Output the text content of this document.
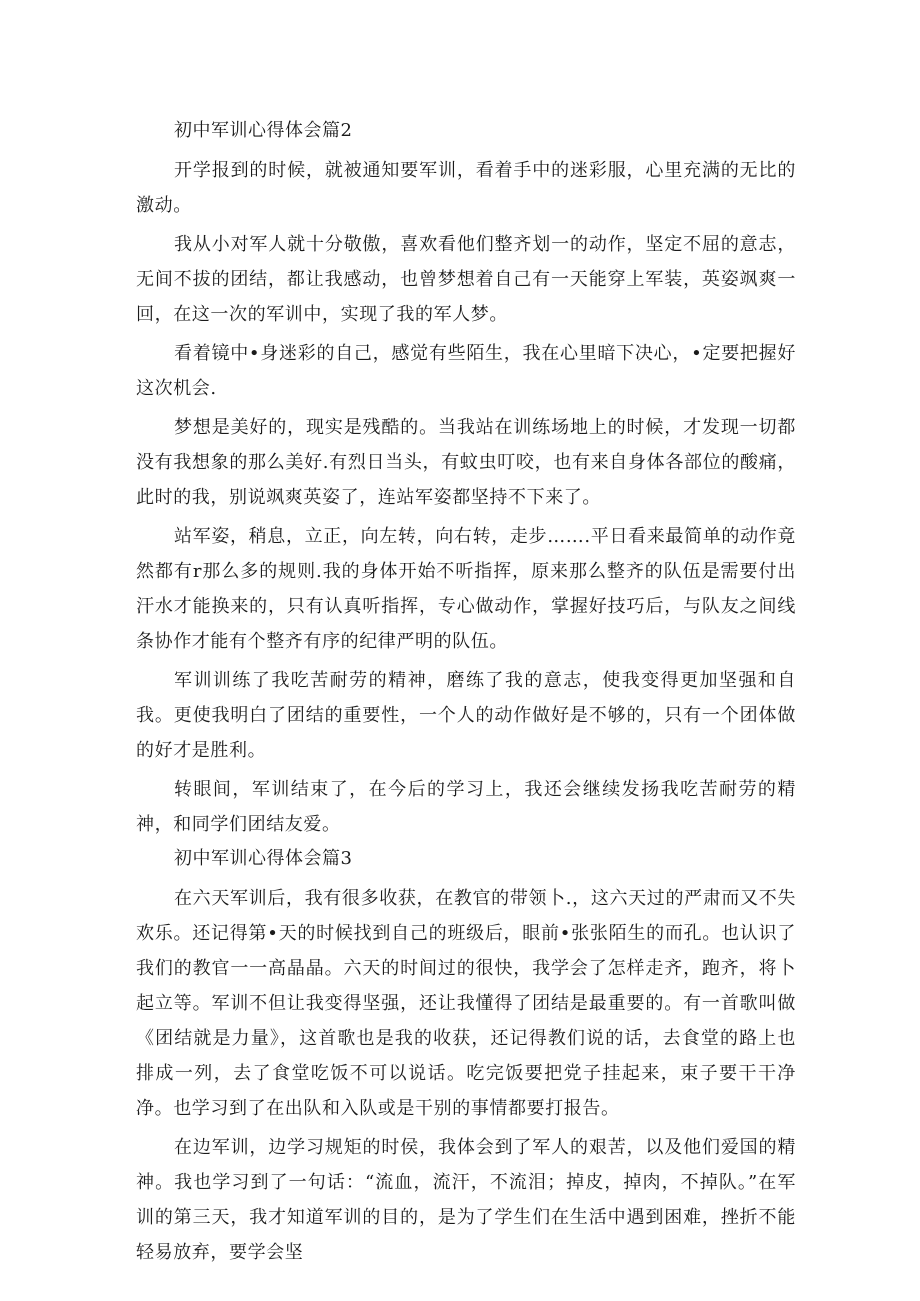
初中军训心得体会篇2

开学报到的时候，就被通知要军训，看着手中的迷彩服，心里充满的无比的激动。

我从小对军人就十分敬傲，喜欢看他们整齐划一的动作，坚定不屈的意志，无间不拔的团结，都让我感动，也曾梦想着自己有一天能穿上军装，英姿飒爽一回，在这一次的军训中，实现了我的军人梦。

看着镜中•身迷彩的自己，感觉有些陌生，我在心里暗下决心，•定要把握好这次机会.

梦想是美好的，现实是残酷的。当我站在训练场地上的时候，才发现一切都没有我想象的那么美好.有烈日当头，有蚊虫叮咬，也有来自身体各部位的酸痛，此时的我，别说飒爽英姿了，连站军姿都坚持不下来了。

站军姿，稍息，立正，向左转，向右转，走步…….平日看来最简单的动作竟然都有r那么多的规则.我的身体开始不听指挥，原来那么整齐的队伍是需要付出汗水才能换来的，只有认真听指挥，专心做动作，掌握好技巧后，与队友之间线条协作才能有个整齐有序的纪律严明的队伍。

军训训练了我吃苦耐劳的精神，磨练了我的意志，使我变得更加坚强和自我。更使我明白了团结的重要性，一个人的动作做好是不够的，只有一个团体做的好才是胜利。

转眼间，军训结束了，在今后的学习上，我还会继续发扬我吃苦耐劳的精神，和同学们团结友爱。

初中军训心得体会篇3

在六天军训后，我有很多收获，在教官的带领卜.，这六天过的严肃而又不失欢乐。还记得第•天的时候找到自己的班级后，眼前•张张陌生的而孔。也认识了我们的教官一一高晶晶。六天的时间过的很快，我学会了怎样走齐，跑齐，将卜起立等。军训不但让我变得坚强，还让我懂得了团结是最重要的。有一首歌叫做《团结就是力量》，这首歌也是我的收获，还记得教们说的话，去食堂的路上也排成一列，去了食堂吃饭不可以说话。吃完饭要把党子挂起来，束子要干干净净。也学习到了在出队和入队或是干别的事情都要打报告。

在边军训，边学习规矩的时侯，我体会到了军人的艰苦，以及他们爱国的精神。我也学习到了一句话：“流血，流汗，不流泪；掉皮，掉肉，不掉队。”在军训的第三天，我才知道军训的目的，是为了学生们在生活中遇到困难，挫折不能轻易放弃，要学会坚
